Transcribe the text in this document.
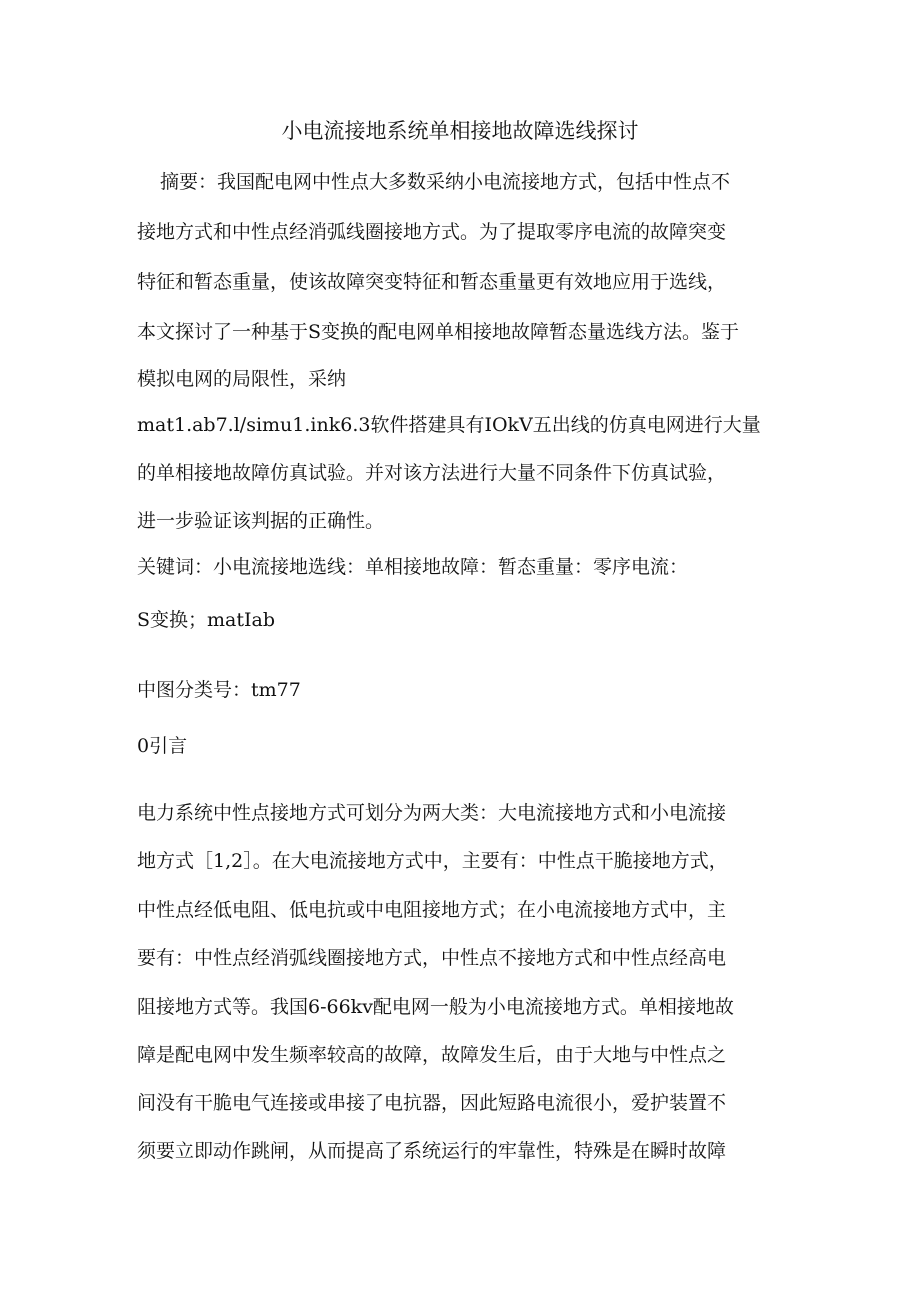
小电流接地系统单相接地故障选线探讨

摘要：我国配电网中性点大多数采纳小电流接地方式，包括中性点不

接地方式和中性点经消弧线圈接地方式。为了提取零序电流的故障突变

特征和暂态重量，使该故障突变特征和暂态重量更有效地应用于选线，

本文探讨了一种基于S变换的配电网单相接地故障暂态量选线方法。鉴于

模拟电网的局限性，采纳

mat1.ab7.l∕simu1.ink6.3软件搭建具有IOkV五出线的仿真电网进行大量

的单相接地故障仿真试验。并对该方法进行大量不同条件下仿真试验，

进一步验证该判据的正确性。

关键词：小电流接地选线：单相接地故障：暂态重量：零序电流：

S变换；matIab

中图分类号：tm77

0引言

电力系统中性点接地方式可划分为两大类：大电流接地方式和小电流接

地方式［1,2］。在大电流接地方式中，主要有：中性点干脆接地方式，

中性点经低电阻、低电抗或中电阻接地方式；在小电流接地方式中，主

要有：中性点经消弧线圈接地方式，中性点不接地方式和中性点经高电

阻接地方式等。我国6-66kv配电网一般为小电流接地方式。单相接地故

障是配电网中发生频率较高的故障，故障发生后，由于大地与中性点之

间没有干脆电气连接或串接了电抗器，因此短路电流很小，爱护装置不

须要立即动作跳闸，从而提高了系统运行的牢靠性，特殊是在瞬时故障
